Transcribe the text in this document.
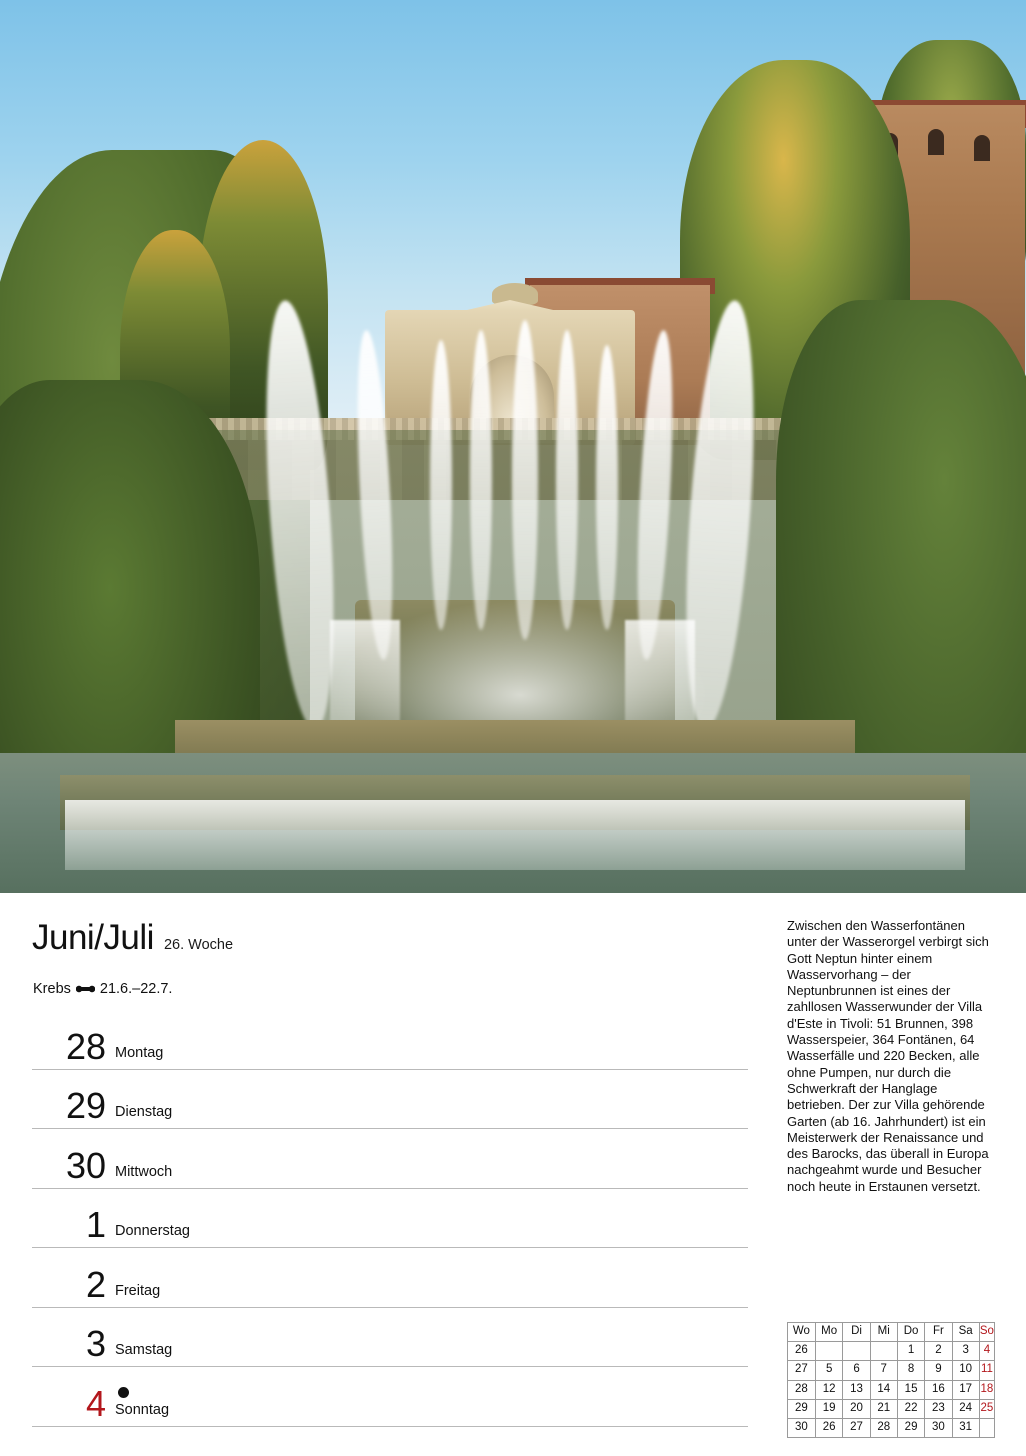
Juni/Juli 26. Woche
Krebs 21.6.–22.7.
28 Montag
29 Dienstag
30 Mittwoch
1 Donnerstag
2 Freitag
3 Samstag
4 Sonntag
Zwischen den Wasserfontänen unter der Wasserorgel verbirgt sich Gott Neptun hinter einem Wasservorhang – der Neptunbrunnen ist eines der zahllosen Wasserwunder der Villa d'Este in Tivoli: 51 Brunnen, 398 Wasserspeier, 364 Fontänen, 64 Wasserfälle und 220 Becken, alle ohne Pumpen, nur durch die Schwerkraft der Hanglage betrieben. Der zur Villa gehörende Garten (ab 16. Jahrhundert) ist ein Meisterwerk der Renaissance und des Barocks, das überall in Europa nachgeahmt wurde und Besucher noch heute in Erstaunen versetzt.
Wo	Mo	Di	Mi	Do	Fr	Sa	So
26				1	2	3	4
27	5	6	7	8	9	10	11
28	12	13	14	15	16	17	18
29	19	20	21	22	23	24	25
30	26	27	28	29	30	31	
